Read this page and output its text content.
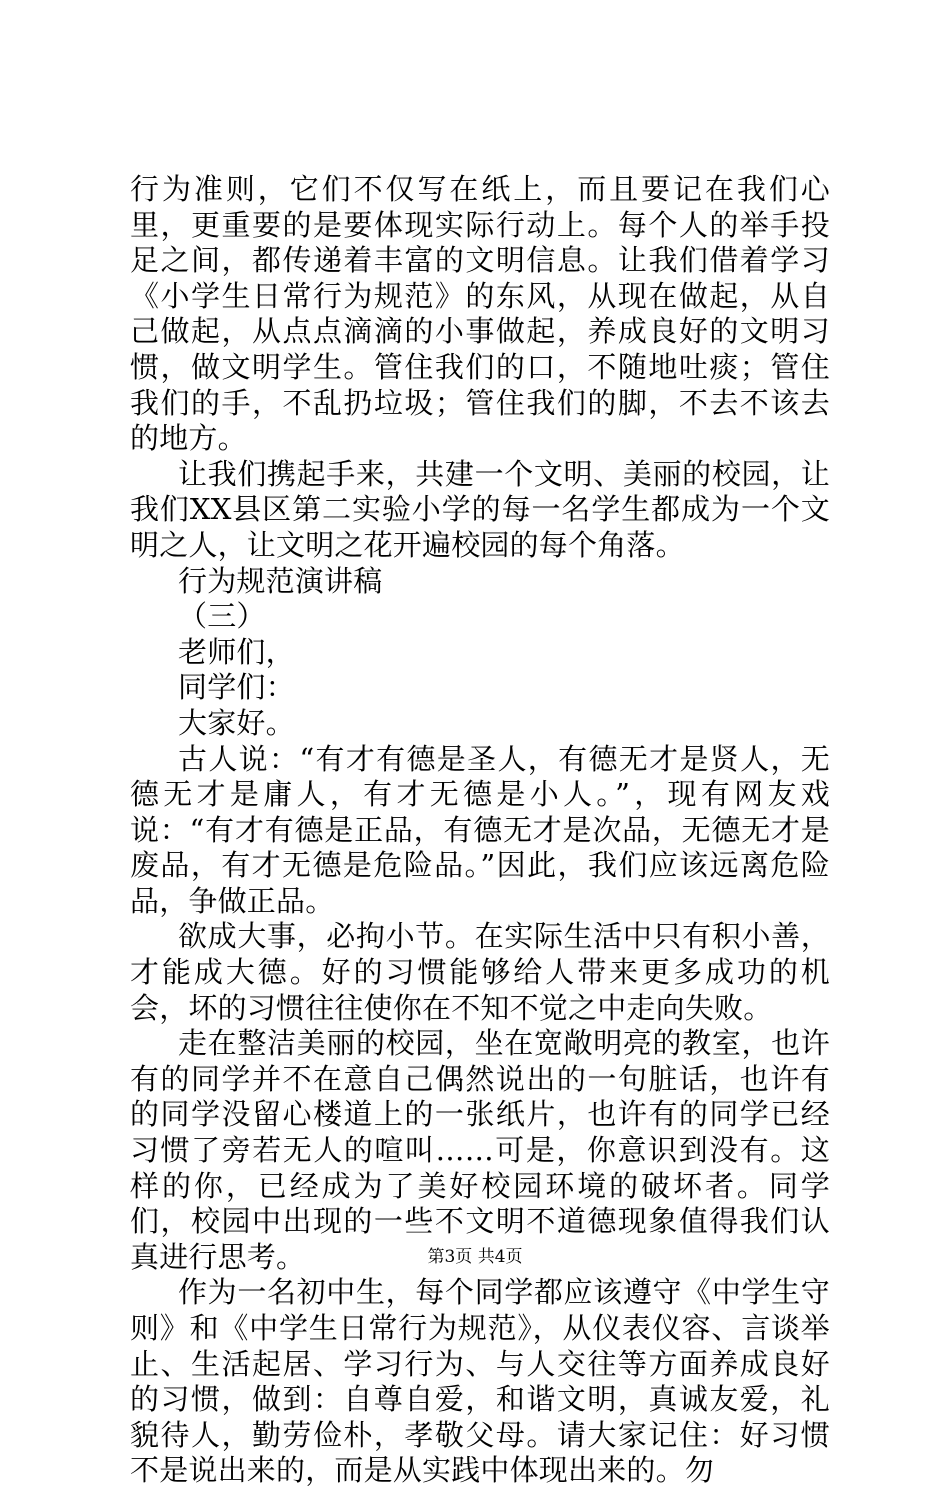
行为准则，它们不仅写在纸上，而且要记在我们心里，更重要的是要体现实际行动上。每个人的举手投足之间，都传递着丰富的文明信息。让我们借着学习《小学生日常行为规范》的东风，从现在做起，从自己做起，从点点滴滴的小事做起，养成良好的文明习惯，做文明学生。管住我们的口，不随地吐痰；管住我们的手，不乱扔垃圾；管住我们的脚，不去不该去的地方。

让我们携起手来，共建一个文明、美丽的校园，让我们XX县区第二实验小学的每一名学生都成为一个文明之人，让文明之花开遍校园的每个角落。

行为规范演讲稿

（三）

老师们，

同学们：

大家好。

古人说：“有才有德是圣人，有德无才是贤人，无德无才是庸人，有才无德是小人。”，现有网友戏说：“有才有德是正品，有德无才是次品，无德无才是废品，有才无德是危险品。”因此，我们应该远离危险品，争做正品。

欲成大事，必拘小节。在实际生活中只有积小善，才能成大德。好的习惯能够给人带来更多成功的机会，坏的习惯往往使你在不知不觉之中走向失败。

走在整洁美丽的校园，坐在宽敞明亮的教室，也许有的同学并不在意自己偶然说出的一句脏话，也许有的同学没留心楼道上的一张纸片，也许有的同学已经习惯了旁若无人的喧叫……可是，你意识到没有。这样的你，已经成为了美好校园环境的破坏者。同学们，校园中出现的一些不文明不道德现象值得我们认真进行思考。

作为一名初中生，每个同学都应该遵守《中学生守则》和《中学生日常行为规范》，从仪表仪容、言谈举止、生活起居、学习行为、与人交往等方面养成良好的习惯，做到：自尊自爱，和谐文明，真诚友爱，礼貌待人，勤劳俭朴，孝敬父母。请大家记住：好习惯不是说出来的，而是从实践中体现出来的。勿

第3页 共4页
